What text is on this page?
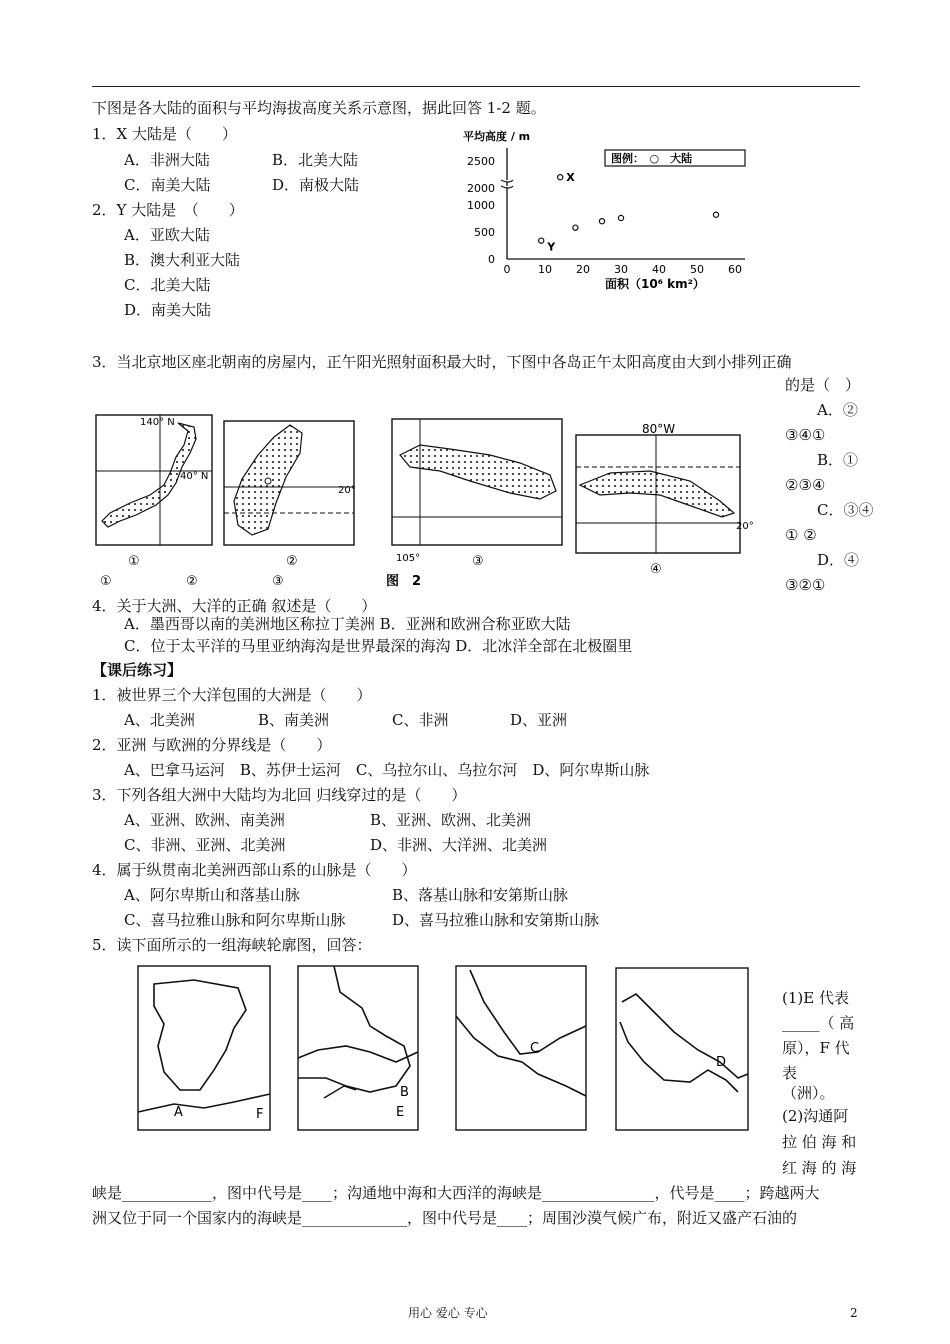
下图是各大陆的面积与平均海拔高度关系示意图，据此回答 1-2 题。
1．X 大陆是（　　）
A．非洲大陆	B．北美大陆
C．南美大陆	D．南极大陆
2．Y 大陆是　（　　）
A．亚欧大陆
B．澳大利亚大陆
C．北美大陆
D．南美大陆
平均高度 / m
0
500
1000
2000
2500
0	10 20 30 40 50 60
图例：　○　大陆
X
Y
面积（10⁶ km²）
3．当北京地区座北朝南的房屋内，正午阳光照射面积最大时，下图中各岛正午太阳高度由大到小排列正确
的是（　）
A．②
③④①
B．①
②③④
C．③④
① ②
D．④
③②①
140° N
40° N
①
20°
②	105°	③
80°W
20°
④
①	②	③	图　2
4．关于大洲、大洋的正确 叙述是（　　）
A．墨西哥以南的美洲地区称拉丁美洲 B．亚洲和欧洲合称亚欧大陆
C．位于太平洋的马里亚纳海沟是世界最深的海沟 D．北冰洋全部在北极圈里
【课后练习】
1．被世界三个大洋包围的大洲是（　　）
A、北美洲	B、南美洲	C、非洲	D、亚洲
2．亚洲 与欧洲的分界线是（　　）
A、巴拿马运河　B、苏伊士运河　C、乌拉尔山、乌拉尔河　D、阿尔卑斯山脉
3．下列各组大洲中大陆均为北回 归线穿过的是（　　）
A、亚洲、欧洲、南美洲	B、亚洲、欧洲、北美洲
C、非洲、亚洲、北美洲	D、非洲、大洋洲、北美洲
4．属于纵贯南北美洲西部山系的山脉是（　　）
A、阿尔卑斯山和落基山脉	B、落基山脉和安第斯山脉
C、喜马拉雅山脉和阿尔卑斯山脉	D、喜马拉雅山脉和安第斯山脉
5．读下面所示的一组海峡轮廓图，回答：
A	F
B
E
C
D
(1)E 代表
_____（ 高
原），F 代
表
（洲）。
(2)沟通阿
拉 伯 海 和
红 海 的 海
峡是____________，图中代号是____；沟通地中海和大西洋的海峡是_______________，代号是____；跨越两大
洲又位于同一个国家内的海峡是______________，图中代号是____；周围沙漠气候广布，附近又盛产石油的
用心 爱心 专心	2
